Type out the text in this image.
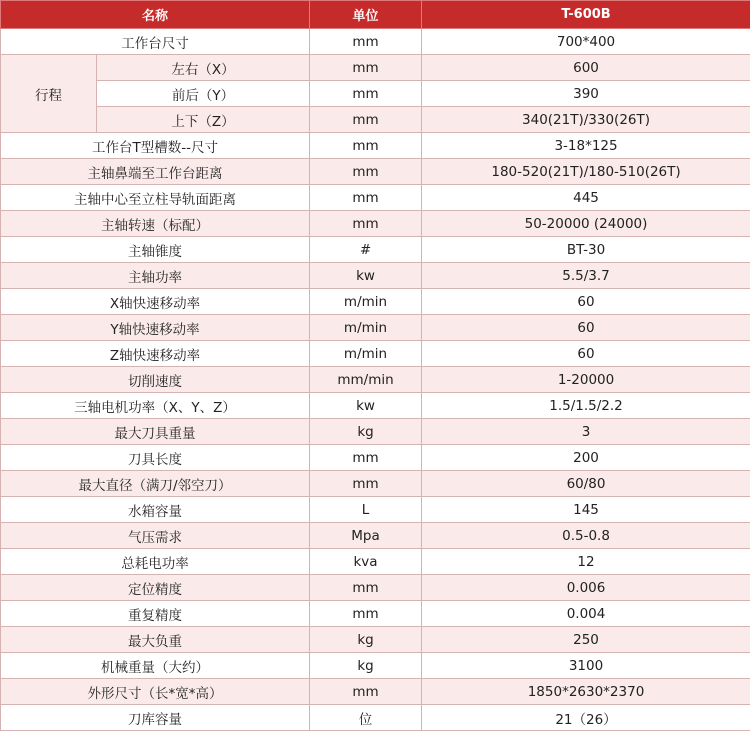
名称		单位	T-600B
工作台尺寸		mm	700*400
行程	左右（X）	mm	600
	前后（Y）	mm	390
	上下（Z）	mm	340(21T)/330(26T)
工作台T型槽数--尺寸		mm	3-18*125
主轴鼻端至工作台距离		mm	180-520(21T)/180-510(26T)
主轴中心至立柱导轨面距离		mm	445
主轴转速（标配）		mm	50-20000 (24000)
主轴锥度		#	BT-30
主轴功率		kw	5.5/3.7
X轴快速移动率		m/min	60
Y轴快速移动率		m/min	60
Z轴快速移动率		m/min	60
切削速度		mm/min	1-20000
三轴电机功率（X、Y、Z）		kw	1.5/1.5/2.2
最大刀具重量		kg	3
刀具长度		mm	200
最大直径（满刀/邻空刀）		mm	60/80
水箱容量		L	145
气压需求		Mpa	0.5-0.8
总耗电功率		kva	12
定位精度		mm	0.006
重复精度		mm	0.004
最大负重		kg	250
机械重量（大约）		kg	3100
外形尺寸（长*宽*高）		mm	1850*2630*2370
刀库容量		位	21（26）
